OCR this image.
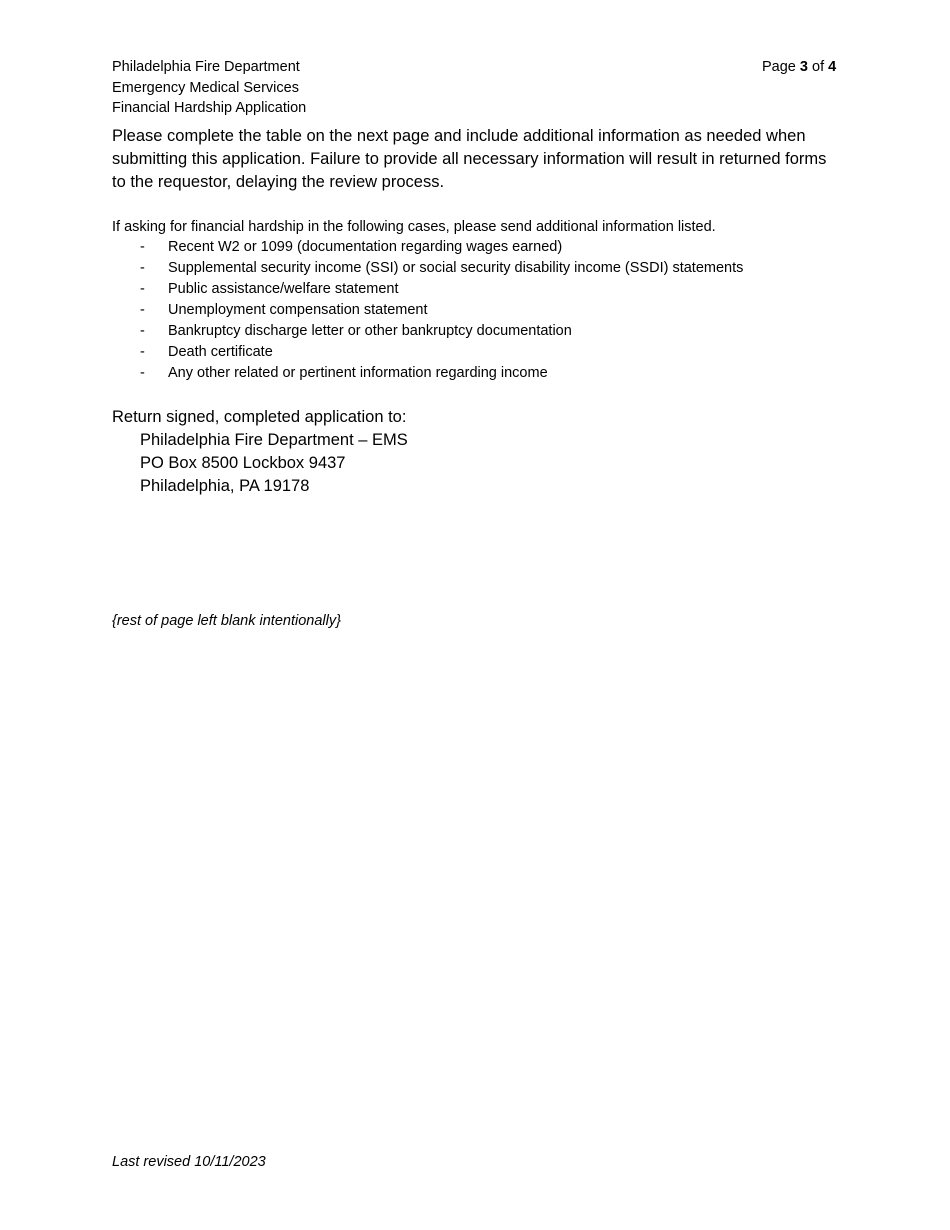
Philadelphia Fire Department
Emergency Medical Services
Financial Hardship Application
Page 3 of 4

Please complete the table on the next page and include additional information as needed when submitting this application. Failure to provide all necessary information will result in returned forms to the requestor, delaying the review process.

If asking for financial hardship in the following cases, please send additional information listed.

- Recent W2 or 1099 (documentation regarding wages earned)
- Supplemental security income (SSI) or social security disability income (SSDI) statements
- Public assistance/welfare statement
- Unemployment compensation statement
- Bankruptcy discharge letter or other bankruptcy documentation
- Death certificate
- Any other related or pertinent information regarding income

Return signed, completed application to:

Philadelphia Fire Department – EMS
PO Box 8500 Lockbox 9437
Philadelphia, PA 19178

{rest of page left blank intentionally}

Last revised 10/11/2023
